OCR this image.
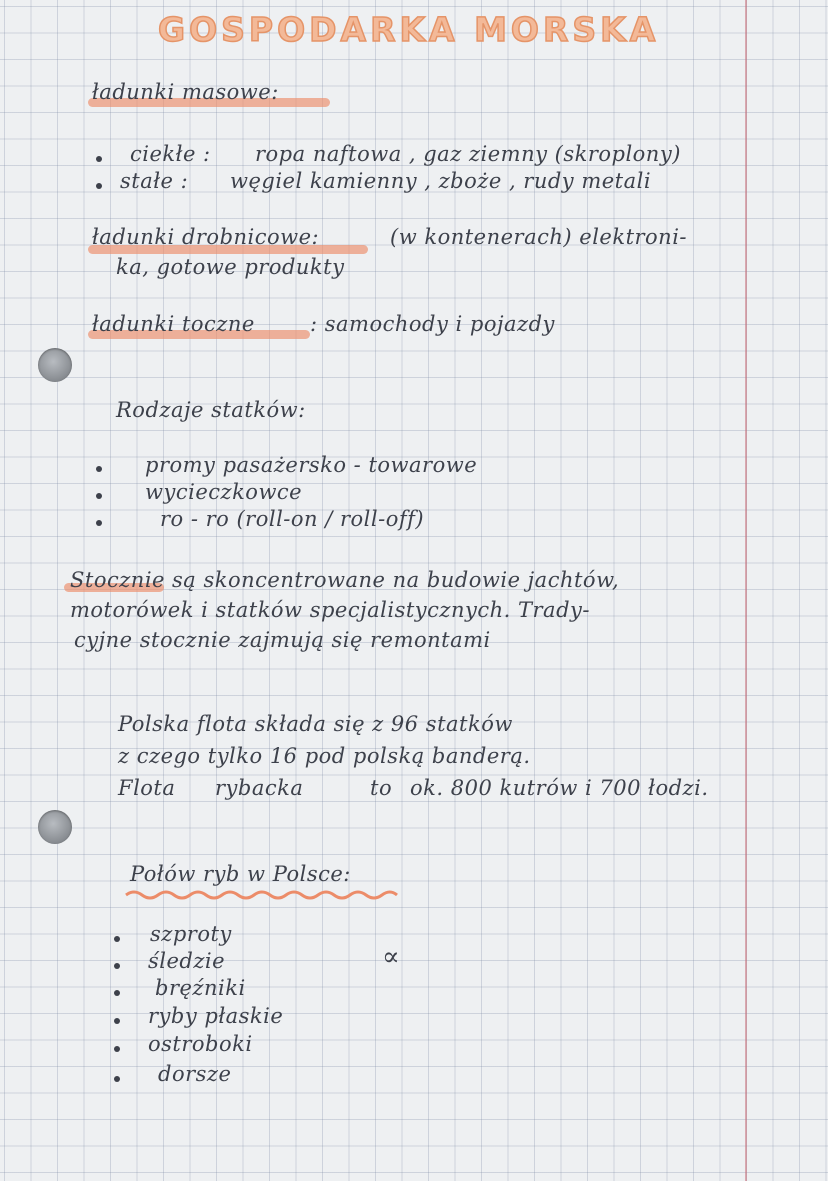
GOSPODARKA MORSKA
ładunki masowe:
ciekłe : ropa naftowa , gaz ziemny (skroplony)
stałe : węgiel kamienny , zboże , rudy metali
ładunki drobnicowe:	(w kontenerach) elektroni-
ka, gotowe produkty
ładunki toczne	: samochody i pojazdy
Rodzaje statków:
promy pasażersko - towarowe
wycieczkowce
ro - ro (roll-on / roll-off)
Stocznie są skoncentrowane na budowie jachtów,
motorówek i statków specjalistycznych. Trady-
cyjne stocznie zajmują się remontami
Polska flota składa się z 96 statków
z czego tylko 16 pod polską banderą.
Flota rybacka	to ok. 800 kutrów i 700 łodzi.
Połów ryb w Polsce:
szproty
śledzie
bręźniki
ryby płaskie
ostroboki
dorsze
∝
